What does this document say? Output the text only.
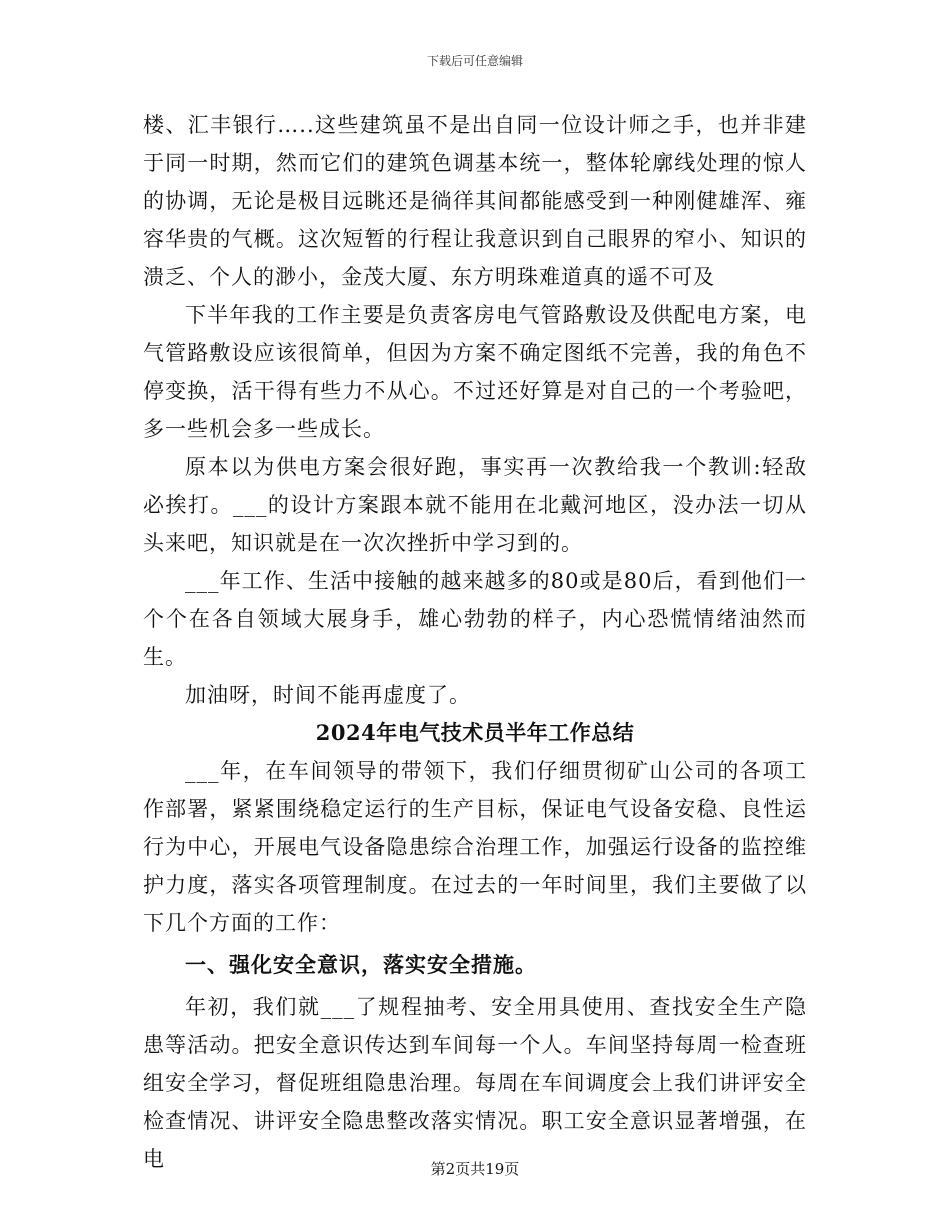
下载后可任意编辑

楼、汇丰银行…..这些建筑虽不是出自同一位设计师之手，也并非建于同一时期，然而它们的建筑色调基本统一，整体轮廓线处理的惊人的协调，无论是极目远眺还是徜徉其间都能感受到一种刚健雄浑、雍容华贵的气概。这次短暂的行程让我意识到自己眼界的窄小、知识的溃乏、个人的渺小，金茂大厦、东方明珠难道真的遥不可及

下半年我的工作主要是负责客房电气管路敷设及供配电方案，电气管路敷设应该很简单，但因为方案不确定图纸不完善，我的角色不停变换，活干得有些力不从心。不过还好算是对自己的一个考验吧，多一些机会多一些成长。

原本以为供电方案会很好跑，事实再一次教给我一个教训:轻敌必挨打。___的设计方案跟本就不能用在北戴河地区，没办法一切从头来吧，知识就是在一次次挫折中学习到的。

___年工作、生活中接触的越来越多的80或是80后，看到他们一个个在各自领域大展身手，雄心勃勃的样子，内心恐慌情绪油然而生。

加油呀，时间不能再虚度了。

2024年电气技术员半年工作总结

___年，在车间领导的带领下，我们仔细贯彻矿山公司的各项工作部署，紧紧围绕稳定运行的生产目标，保证电气设备安稳、良性运行为中心，开展电气设备隐患综合治理工作，加强运行设备的监控维护力度，落实各项管理制度。在过去的一年时间里，我们主要做了以下几个方面的工作：

一、强化安全意识，落实安全措施。

年初，我们就___了规程抽考、安全用具使用、查找安全生产隐患等活动。把安全意识传达到车间每一个人。车间坚持每周一检查班组安全学习，督促班组隐患治理。每周在车间调度会上我们讲评安全检查情况、讲评安全隐患整改落实情况。职工安全意识显著增强，在电	第2页共19页
